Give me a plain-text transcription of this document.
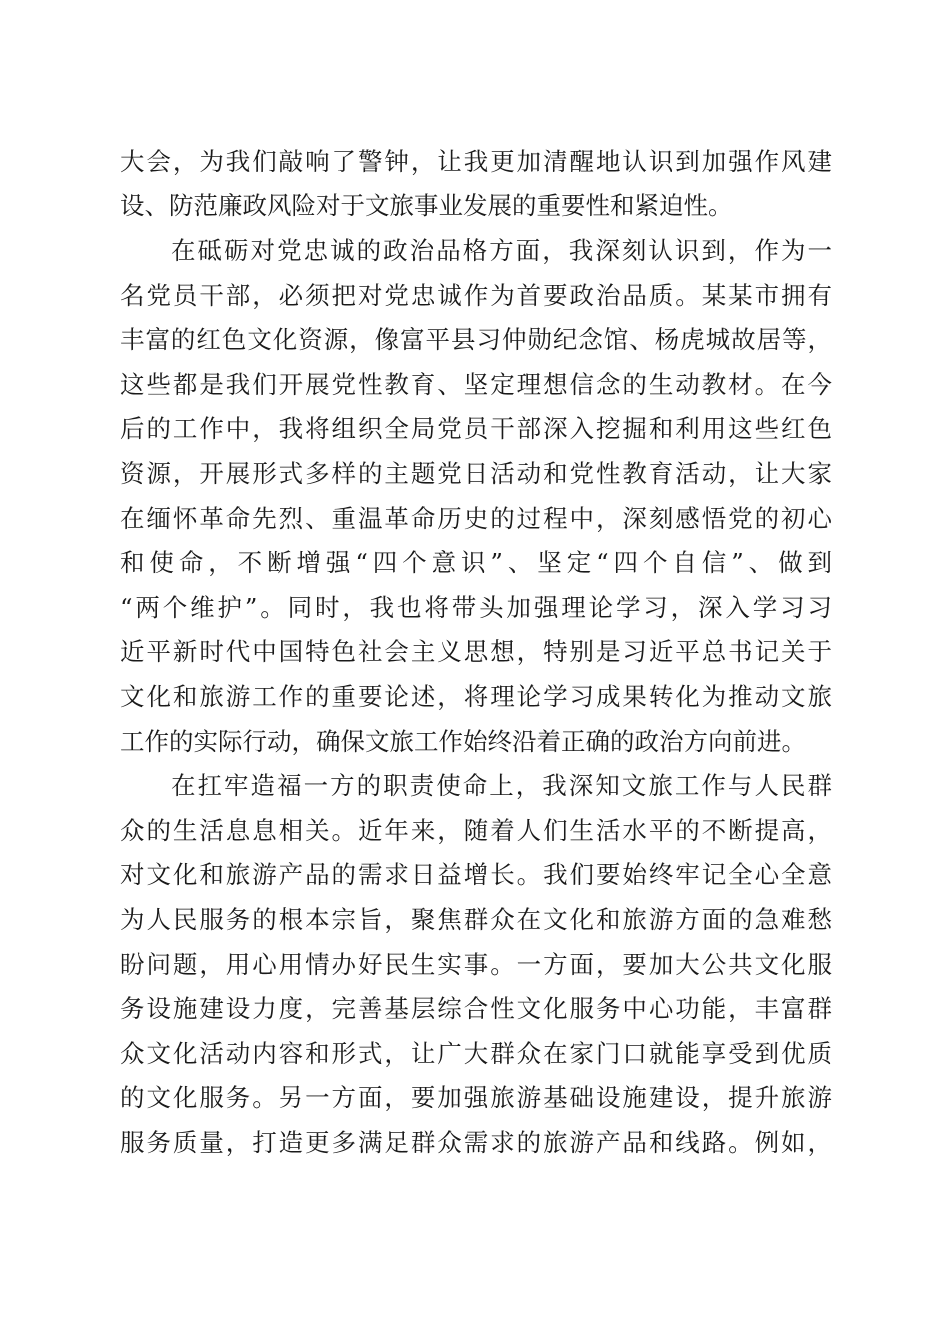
大会，为我们敲响了警钟，让我更加清醒地认识到加强作风建
设、防范廉政风险对于文旅事业发展的重要性和紧迫性。
在砥砺对党忠诚的政治品格方面，我深刻认识到，作为一
名党员干部，必须把对党忠诚作为首要政治品质。某某市拥有
丰富的红色文化资源，像富平县习仲勋纪念馆、杨虎城故居等，
这些都是我们开展党性教育、坚定理想信念的生动教材。在今
后的工作中，我将组织全局党员干部深入挖掘和利用这些红色
资源，开展形式多样的主题党日活动和党性教育活动，让大家
在缅怀革命先烈、重温革命历史的过程中，深刻感悟党的初心
和使命，不断增强“四个意识”、坚定“四个自信”、做到
“两个维护”。同时，我也将带头加强理论学习，深入学习习
近平新时代中国特色社会主义思想，特别是习近平总书记关于
文化和旅游工作的重要论述，将理论学习成果转化为推动文旅
工作的实际行动，确保文旅工作始终沿着正确的政治方向前进。
在扛牢造福一方的职责使命上，我深知文旅工作与人民群
众的生活息息相关。近年来，随着人们生活水平的不断提高，
对文化和旅游产品的需求日益增长。我们要始终牢记全心全意
为人民服务的根本宗旨，聚焦群众在文化和旅游方面的急难愁
盼问题，用心用情办好民生实事。一方面，要加大公共文化服
务设施建设力度，完善基层综合性文化服务中心功能，丰富群
众文化活动内容和形式，让广大群众在家门口就能享受到优质
的文化服务。另一方面，要加强旅游基础设施建设，提升旅游
服务质量，打造更多满足群众需求的旅游产品和线路。例如，
